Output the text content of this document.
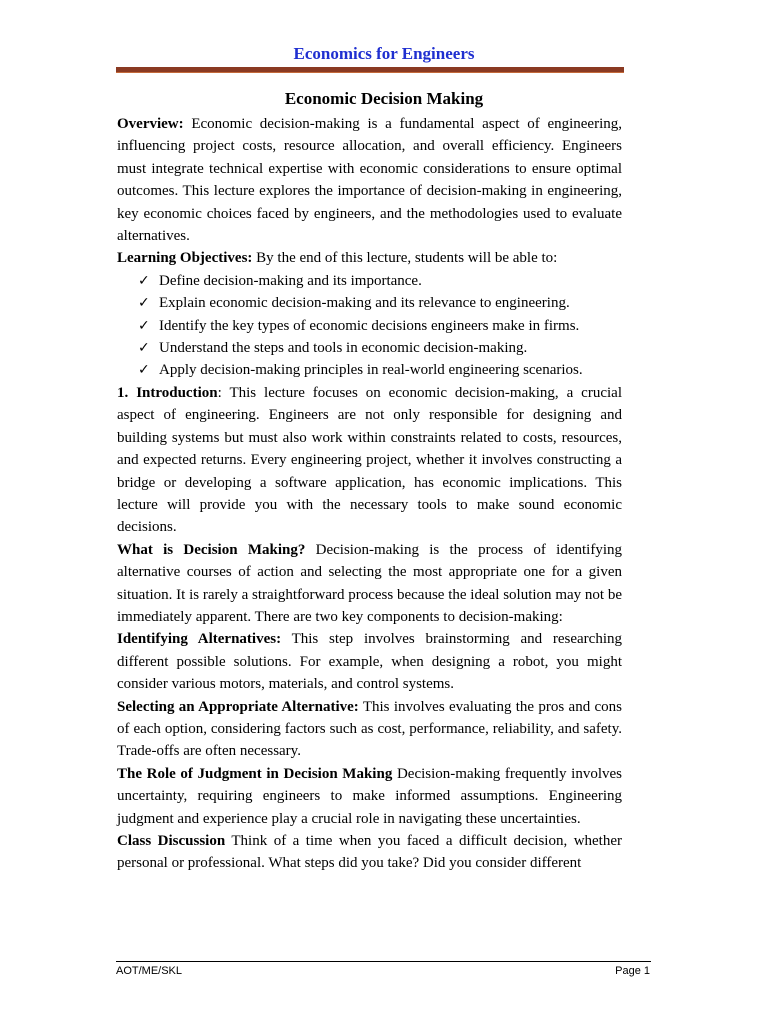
Economics for Engineers
Economic Decision Making

Overview: Economic decision-making is a fundamental aspect of engineering, influencing project costs, resource allocation, and overall efficiency. Engineers must integrate technical expertise with economic considerations to ensure optimal outcomes. This lecture explores the importance of decision-making in engineering, key economic choices faced by engineers, and the methodologies used to evaluate alternatives.

Learning Objectives: By the end of this lecture, students will be able to:

✓ Define decision-making and its importance.
✓ Explain economic decision-making and its relevance to engineering.
✓ Identify the key types of economic decisions engineers make in firms.
✓ Understand the steps and tools in economic decision-making.
✓ Apply decision-making principles in real-world engineering scenarios.

1. Introduction: This lecture focuses on economic decision-making, a crucial aspect of engineering. Engineers are not only responsible for designing and building systems but must also work within constraints related to costs, resources, and expected returns. Every engineering project, whether it involves constructing a bridge or developing a software application, has economic implications. This lecture will provide you with the necessary tools to make sound economic decisions.

What is Decision Making? Decision-making is the process of identifying alternative courses of action and selecting the most appropriate one for a given situation. It is rarely a straightforward process because the ideal solution may not be immediately apparent. There are two key components to decision-making:

Identifying Alternatives: This step involves brainstorming and researching different possible solutions. For example, when designing a robot, you might consider various motors, materials, and control systems.

Selecting an Appropriate Alternative: This involves evaluating the pros and cons of each option, considering factors such as cost, performance, reliability, and safety. Trade-offs are often necessary.

The Role of Judgment in Decision Making Decision-making frequently involves uncertainty, requiring engineers to make informed assumptions. Engineering judgment and experience play a crucial role in navigating these uncertainties.

Class Discussion Think of a time when you faced a difficult decision, whether personal or professional. What steps did you take? Did you consider different

AOT/ME/SKL	Page 1
